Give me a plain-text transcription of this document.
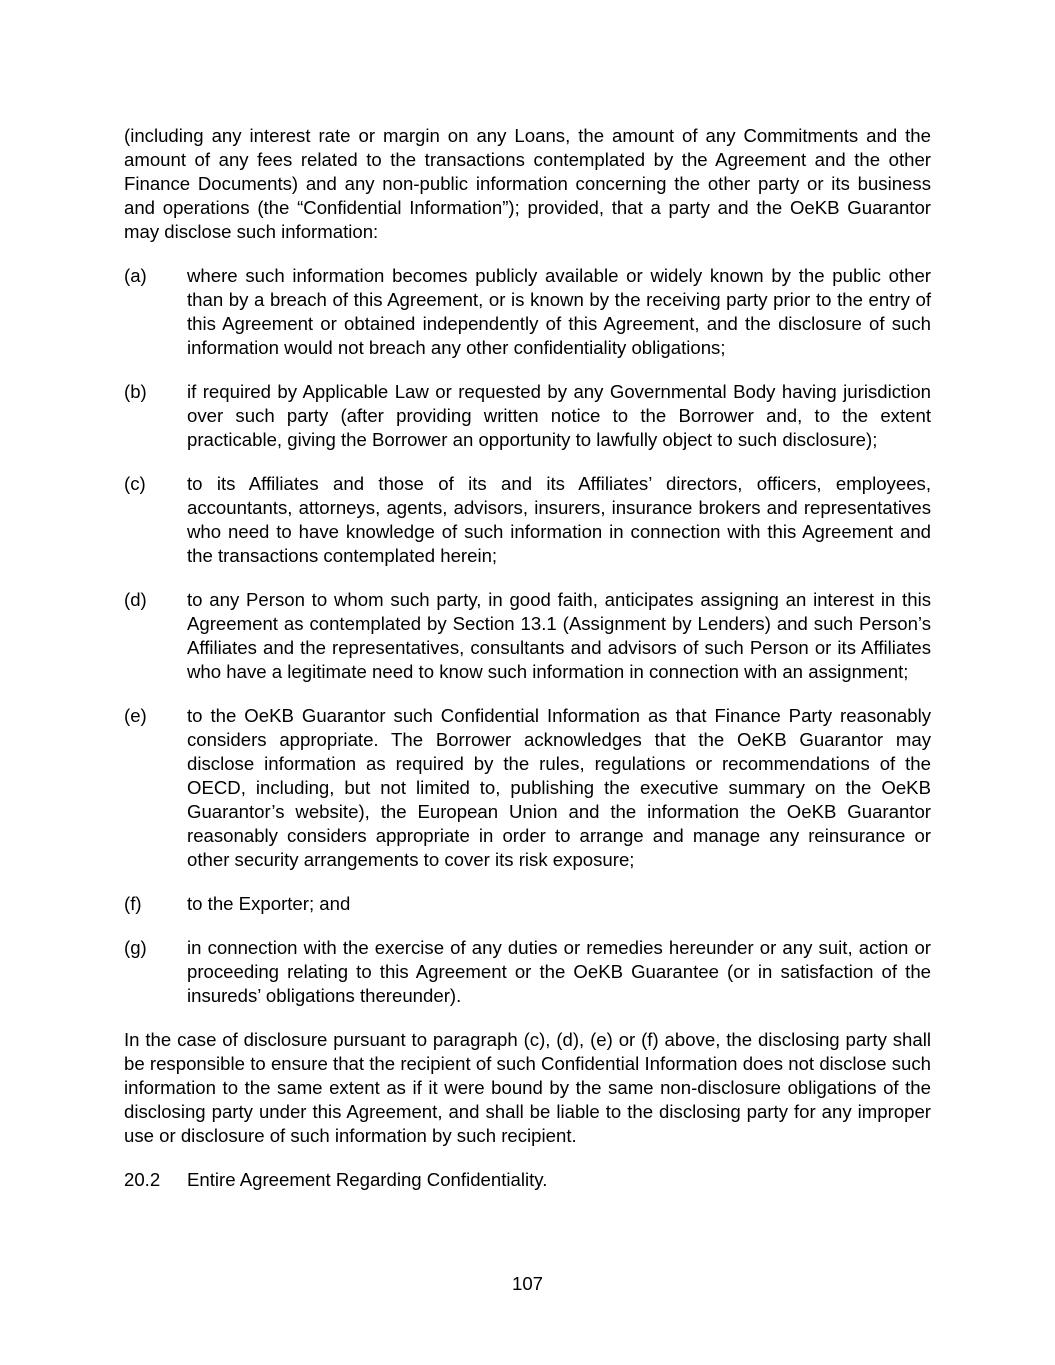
(including any interest rate or margin on any Loans, the amount of any Commitments and the amount of any fees related to the transactions contemplated by the Agreement and the other Finance Documents) and any non-public information concerning the other party or its business and operations (the “Confidential Information”); provided, that a party and the OeKB Guarantor may disclose such information:

(a)	where such information becomes publicly available or widely known by the public other than by a breach of this Agreement, or is known by the receiving party prior to the entry of this Agreement or obtained independently of this Agreement, and the disclosure of such information would not breach any other confidentiality obligations;
(b)	if required by Applicable Law or requested by any Governmental Body having jurisdiction over such party (after providing written notice to the Borrower and, to the extent practicable, giving the Borrower an opportunity to lawfully object to such disclosure);
(c)	to its Affiliates and those of its and its Affiliates’ directors, officers, employees, accountants, attorneys, agents, advisors, insurers, insurance brokers and representatives who need to have knowledge of such information in connection with this Agreement and the transactions contemplated herein;
(d)	to any Person to whom such party, in good faith, anticipates assigning an interest in this Agreement as contemplated by Section 13.1 (Assignment by Lenders) and such Person’s Affiliates and the representatives, consultants and advisors of such Person or its Affiliates who have a legitimate need to know such information in connection with an assignment;
(e)	to the OeKB Guarantor such Confidential Information as that Finance Party reasonably considers appropriate. The Borrower acknowledges that the OeKB Guarantor may disclose information as required by the rules, regulations or recommendations of the OECD, including, but not limited to, publishing the executive summary on the OeKB Guarantor’s website), the European Union and the information the OeKB Guarantor reasonably considers appropriate in order to arrange and manage any reinsurance or other security arrangements to cover its risk exposure;
(f)	to the Exporter; and
(g)	in connection with the exercise of any duties or remedies hereunder or any suit, action or proceeding relating to this Agreement or the OeKB Guarantee (or in satisfaction of the insureds’ obligations thereunder).

In the case of disclosure pursuant to paragraph (c), (d), (e) or (f) above, the disclosing party shall be responsible to ensure that the recipient of such Confidential Information does not disclose such information to the same extent as if it were bound by the same non-disclosure obligations of the disclosing party under this Agreement, and shall be liable to the disclosing party for any improper use or disclosure of such information by such recipient.

20.2	Entire Agreement Regarding Confidentiality.
107
